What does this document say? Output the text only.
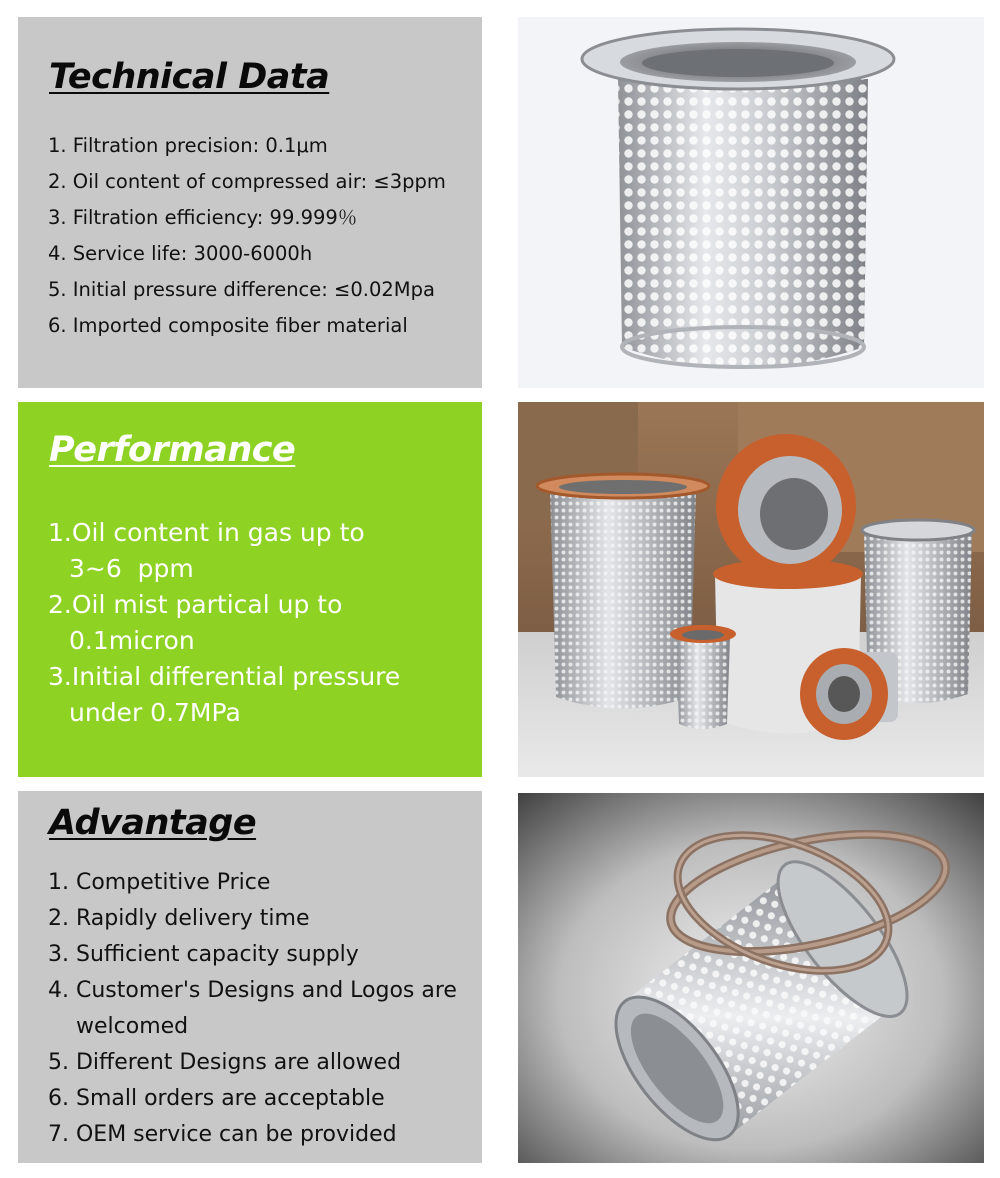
Technical Data
1. Filtration precision: 0.1μm
2. Oil content of compressed air: ≤3ppm
3. Filtration efficiency: 99.999％
4. Service life: 3000-6000h
5. Initial pressure difference: ≤0.02Mpa
6. Imported composite fiber material
Performance
1.Oil content in gas up to
3~6  ppm
2.Oil mist partical up to
0.1micron
3.Initial differential pressure
under 0.7MPa
Advantage
1. Competitive Price
2. Rapidly delivery time
3. Sufficient capacity supply
4. Customer's Designs and Logos are
welcomed
5. Different Designs are allowed
6. Small orders are acceptable
7. OEM service can be provided
